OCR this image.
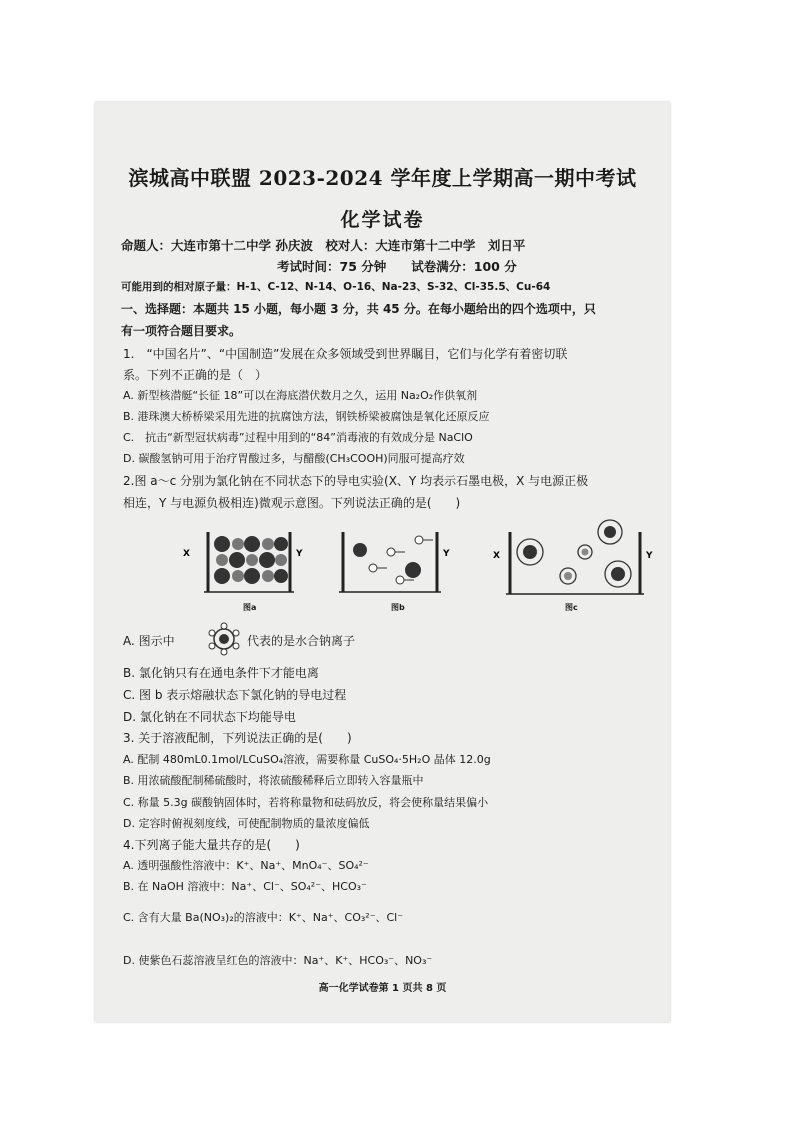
滨城高中联盟 2023-2024 学年度上学期高一期中考试
化学试卷
命题人：大连市第十二中学 孙庆波　校对人：大连市第十二中学　刘日平
考试时间：75 分钟　　试卷满分：100 分
可能用到的相对原子量：H-1、C-12、N-14、O-16、Na-23、S-32、Cl-35.5、Cu-64
一、选择题：本题共 15 小题，每小题 3 分，共 45 分。在每小题给出的四个选项中，只
有一项符合题目要求。
1.　“中国名片”、“中国制造”发展在众多领域受到世界瞩目，它们与化学有着密切联
系。下列不正确的是（　）
A. 新型核潜艇“长征 18”可以在海底潜伏数月之久，运用 Na₂O₂作供氧剂
B. 港珠澳大桥桥梁采用先进的抗腐蚀方法，钢铁桥梁被腐蚀是氧化还原反应
C.　抗击“新型冠状病毒”过程中用到的“84”消毒液的有效成分是 NaClO
D. 碳酸氢钠可用于治疗胃酸过多，与醋酸(CH₃COOH)同服可提高疗效
2.图 a～c 分别为氯化钠在不同状态下的导电实验(X、Y 均表示石墨电极，X 与电源正极
相连，Y 与电源负极相连)微观示意图。下列说法正确的是(　　)
X	Y
图a
Y
图b
X	Y
图c
A. 图示中	代表的是水合钠离子
B. 氯化钠只有在通电条件下才能电离
C. 图 b 表示熔融状态下氯化钠的导电过程
D. 氯化钠在不同状态下均能导电
3. 关于溶液配制，下列说法正确的是(　　)
A. 配制 480mL0.1mol/LCuSO₄溶液，需要称量 CuSO₄·5H₂O 晶体 12.0g
B. 用浓硫酸配制稀硫酸时，将浓硫酸稀释后立即转入容量瓶中
C. 称量 5.3g 碳酸钠固体时，若将称量物和砝码放反，将会使称量结果偏小
D. 定容时俯视刻度线，可使配制物质的量浓度偏低
4.下列离子能大量共存的是(　　)
A. 透明强酸性溶液中：K⁺、Na⁺、MnO₄⁻、SO₄²⁻
B. 在 NaOH 溶液中：Na⁺、Cl⁻、SO₄²⁻、HCO₃⁻
C. 含有大量 Ba(NO₃)₂的溶液中：K⁺、Na⁺、CO₃²⁻、Cl⁻
D. 使紫色石蕊溶液呈红色的溶液中：Na⁺、K⁺、HCO₃⁻、NO₃⁻
高一化学试卷第 1 页共 8 页
